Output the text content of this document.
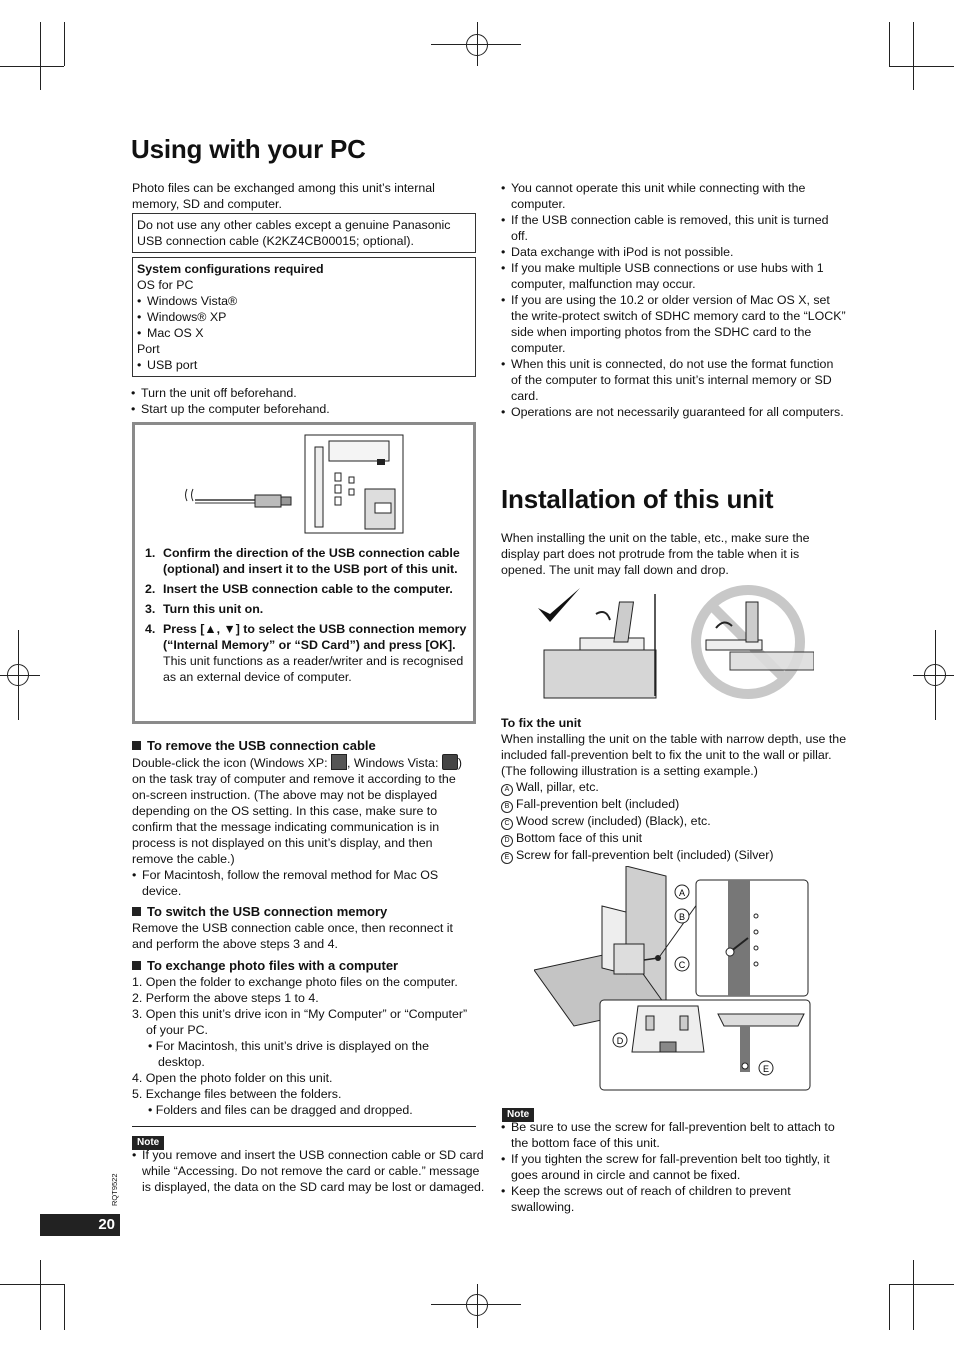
Using with your PC

Photo files can be exchanged among this unit’s internal memory, SD and computer.

Do not use any other cables except a genuine Panasonic USB connection cable (K2KZ4CB00015; optional).
System configurations required
OS for PC
• Windows Vista®
• Windows® XP
• Mac OS X
Port
• USB port
• Turn the unit off beforehand.
• Start up the computer beforehand.
1. Confirm the direction of the USB connection cable (optional) and insert it to the USB port of this unit.
2. Insert the USB connection cable to the computer.
3. Turn this unit on.
4. Press [▲, ▼] to select the USB connection memory (“Internal Memory” or “SD Card”) and press [OK].
This unit functions as a reader/writer and is recognised as an external device of computer.
To remove the USB connection cable

Double-click the icon (Windows XP: , Windows Vista: ) on the task tray of computer and remove it according to the on-screen instruction. (The above may not be displayed depending on the OS setting. In this case, make sure to confirm that the message indicating communication is in process is not displayed on this unit’s display, and then remove the cable.)

• For Macintosh, follow the removal method for Mac OS device.
To switch the USB connection memory

Remove the USB connection cable once, then reconnect it and perform the above steps 3 and 4.

To exchange photo files with a computer
1. Open the folder to exchange photo files on the computer.
2. Perform the above steps 1 to 4.
3. Open this unit’s drive icon in “My Computer” or “Computer” of your PC.
• For Macintosh, this unit’s drive is displayed on the desktop.
4. Open the photo folder on this unit.
5. Exchange files between the folders.
• Folders and files can be dragged and dropped.
Note
• If you remove and insert the USB connection cable or SD card while “Accessing. Do not remove the card or cable.” message is displayed, the data on the SD card may be lost or damaged.
RQT9522
20
• You cannot operate this unit while connecting with the computer.
• If the USB connection cable is removed, this unit is turned off.
• Data exchange with iPod is not possible.
• If you make multiple USB connections or use hubs with 1 computer, malfunction may occur.
• If you are using the 10.2 or older version of Mac OS X, set the write-protect switch of SDHC memory card to the “LOCK” side when importing photos from the SDHC card to the computer.
• When this unit is connected, do not use the format function of the computer to format this unit’s internal memory or SD card.
• Operations are not necessarily guaranteed for all computers.
Installation of this unit

When installing the unit on the table, etc., make sure the display part does not protrude from the table when it is opened. The unit may fall down and drop.

To fix the unit

When installing the unit on the table with narrow depth, use the included fall-prevention belt to fix the unit to the wall or pillar. (The following illustration is a setting example.)

A Wall, pillar, etc.
B Fall-prevention belt (included)
C Wood screw (included) (Black), etc.
D Bottom face of this unit
E Screw for fall-prevention belt (included) (Silver)
A
B
C
D
E
Note
• Be sure to use the screw for fall-prevention belt to attach to the bottom face of this unit.
• If you tighten the screw for fall-prevention belt too tightly, it goes around in circle and cannot be fixed.
• Keep the screws out of reach of children to prevent swallowing.
